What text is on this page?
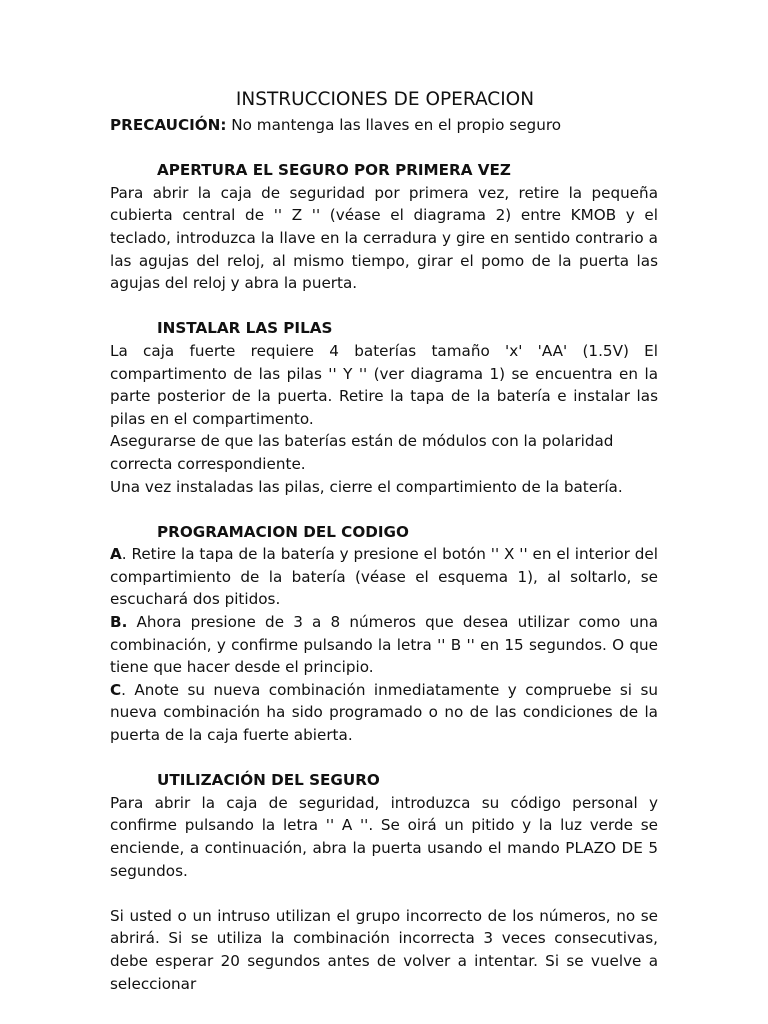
INSTRUCCIONES DE OPERACION

PRECAUCIÓN: No mantenga las llaves en el propio seguro

APERTURA EL SEGURO POR PRIMERA VEZ

Para abrir la caja de seguridad por primera vez, retire la pequeña cubierta central de '' Z '' (véase el diagrama 2) entre KMOB y el teclado, introduzca la llave en la cerradura y gire en sentido contrario a las agujas del reloj, al mismo tiempo, girar el pomo de la puerta las agujas del reloj y abra la puerta.

INSTALAR LAS PILAS

La caja fuerte requiere 4 baterías tamaño 'x' 'AA' (1.5V) El compartimento de las pilas '' Y '' (ver diagrama 1) se encuentra en la parte posterior de la puerta. Retire la tapa de la batería e instalar las pilas en el compartimento.

Asegurarse de que las baterías están de módulos con la polaridad correcta correspondiente.

Una vez instaladas las pilas, cierre el compartimiento de la batería.

PROGRAMACION DEL CODIGO

A. Retire la tapa de la batería y presione el botón '' X '' en el interior del compartimiento de la batería (véase el esquema 1), al soltarlo, se escuchará dos pitidos.

B. Ahora presione de 3 a 8 números que desea utilizar como una combinación, y confirme pulsando la letra '' B '' en 15 segundos. O que tiene que hacer desde el principio.

C. Anote su nueva combinación inmediatamente y compruebe si su nueva combinación ha sido programado o no de las condiciones de la puerta de la caja fuerte abierta.

UTILIZACIÓN DEL SEGURO

Para abrir la caja de seguridad, introduzca su código personal y confirme pulsando la letra '' A ''. Se oirá un pitido y la luz verde se enciende, a continuación, abra la puerta usando el mando PLAZO DE 5 segundos.

Si usted o un intruso utilizan el grupo incorrecto de los números, no se abrirá. Si se utiliza la combinación incorrecta 3 veces consecutivas, debe esperar 20 segundos antes de volver a intentar. Si se vuelve a seleccionar
